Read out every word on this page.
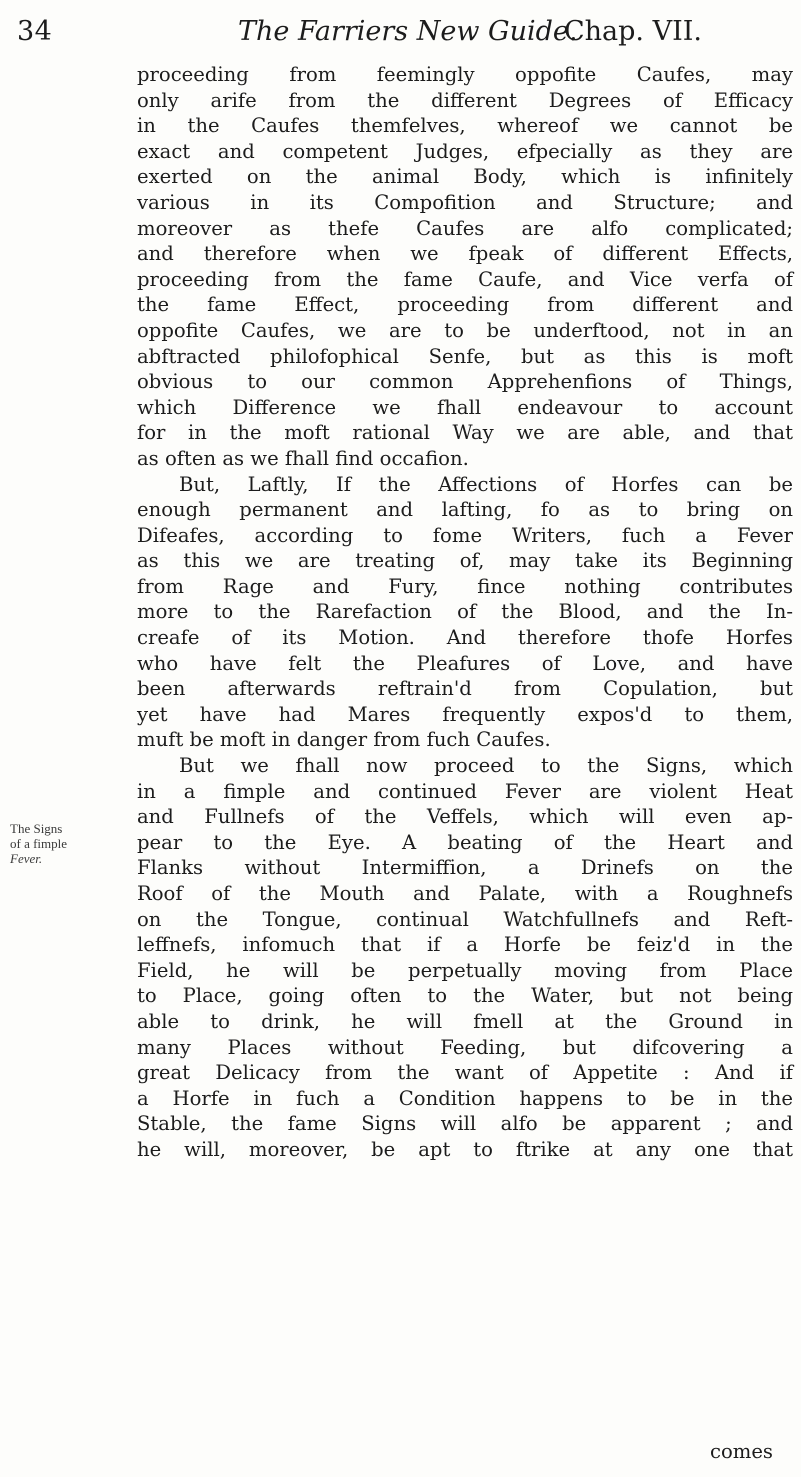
34	The Farriers New Guide.
Chap. VII.
The Signs
of a fimple
Fever.
proceeding from feemingly oppofite Caufes, may
only arife from the different Degrees of Efficacy
in the Caufes themfelves, whereof we cannot be
exact and competent Judges, efpecially as they are
exerted on the animal Body, which is infinitely
various in its Compofition and Structure; and
moreover as thefe Caufes are alfo complicated;
and therefore when we fpeak of different Effects,
proceeding from the fame Caufe, and Vice verfa of
the fame Effect, proceeding from different and
oppofite Caufes, we are to be underftood, not in an
abftracted philofophical Senfe, but as this is moft
obvious to our common Apprehenfions of Things,
which Difference we fhall endeavour to account
for in the moft rational Way we are able, and that
as often as we fhall find occafion.
But, Laftly, If the Affections of Horfes can be
enough permanent and lafting, fo as to bring on
Difeafes, according to fome Writers, fuch a Fever
as this we are treating of, may take its Beginning
from Rage and Fury, fince nothing contributes
more to the Rarefaction of the Blood, and the In-
creafe of its Motion. And therefore thofe Horfes
who have felt the Pleafures of Love, and have
been afterwards reftrain'd from Copulation, but
yet have had Mares frequently expos'd to them,
muft be moft in danger from fuch Caufes.
But we fhall now proceed to the Signs, which
in a fimple and continued Fever are violent Heat
and Fullnefs of the Veffels, which will even ap-
pear to the Eye. A beating of the Heart and
Flanks without Intermiffion, a Drinefs on the
Roof of the Mouth and Palate, with a Roughnefs
on the Tongue, continual Watchfullnefs and Reft-
leffnefs, infomuch that if a Horfe be feiz'd in the
Field, he will be perpetually moving from Place
to Place, going often to the Water, but not being
able to drink, he will fmell at the Ground in
many Places without Feeding, but difcovering a
great Delicacy from the want of Appetite : And if
a Horfe in fuch a Condition happens to be in the
Stable, the fame Signs will alfo be apparent ; and
he will, moreover, be apt to ftrike at any one that
comes
